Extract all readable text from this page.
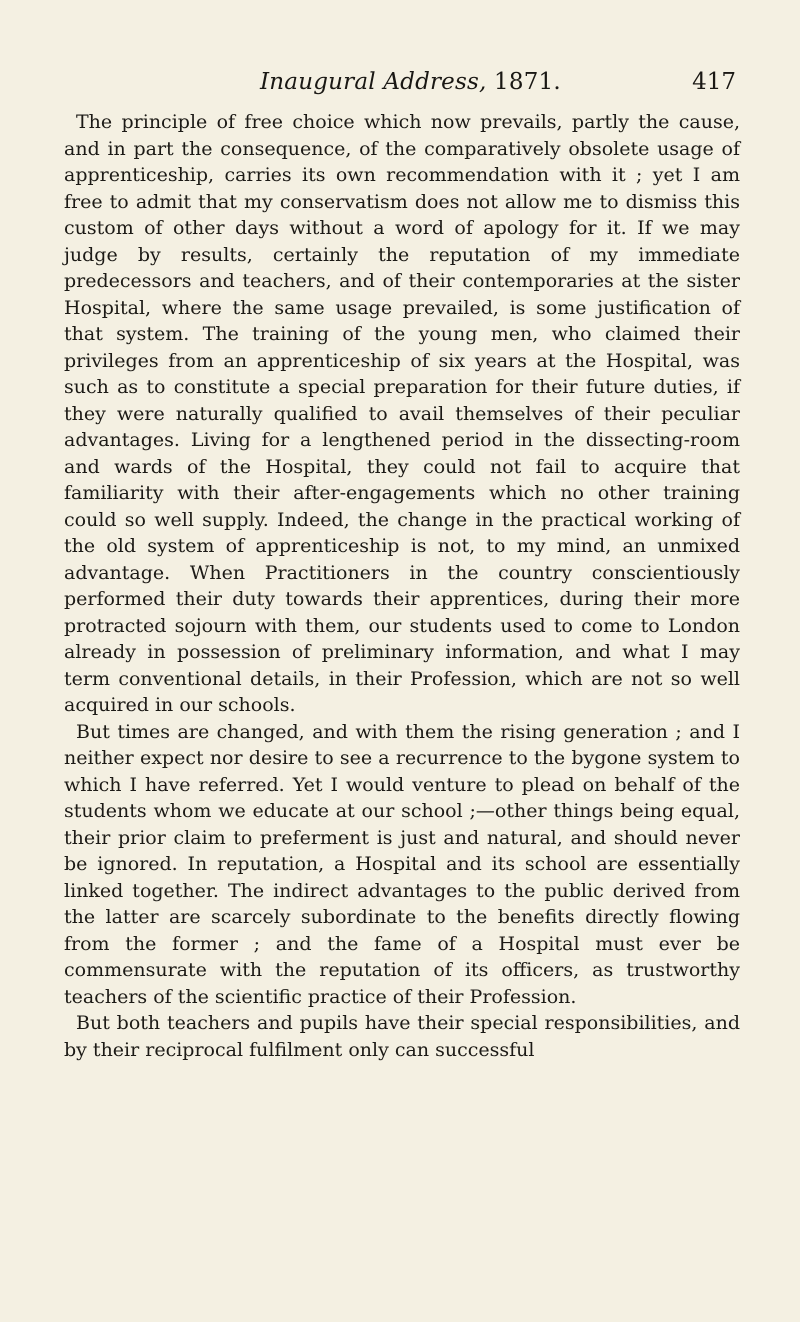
Inaugural Address, 1871.	417

The principle of free choice which now prevails, partly the cause, and in part the consequence, of the comparatively obsolete usage of apprenticeship, carries its own recommendation with it ; yet I am free to admit that my conservatism does not allow me to dismiss this custom of other days without a word of apology for it. If we may judge by results, certainly the reputation of my immediate predecessors and teachers, and of their contemporaries at the sister Hospital, where the same usage prevailed, is some justification of that system. The training of the young men, who claimed their privileges from an apprenticeship of six years at the Hospital, was such as to constitute a special preparation for their future duties, if they were naturally qualified to avail themselves of their peculiar advantages. Living for a lengthened period in the dissecting-room and wards of the Hospital, they could not fail to acquire that familiarity with their after-engagements which no other training could so well supply. Indeed, the change in the practical working of the old system of apprenticeship is not, to my mind, an unmixed advantage. When Practitioners in the country conscientiously performed their duty towards their apprentices, during their more protracted sojourn with them, our students used to come to London already in possession of preliminary information, and what I may term conventional details, in their Profession, which are not so well acquired in our schools.

But times are changed, and with them the rising generation ; and I neither expect nor desire to see a recurrence to the bygone system to which I have referred. Yet I would venture to plead on behalf of the students whom we educate at our school ;—other things being equal, their prior claim to preferment is just and natural, and should never be ignored. In reputation, a Hospital and its school are essentially linked together. The indirect advantages to the public derived from the latter are scarcely subordinate to the benefits directly flowing from the former ; and the fame of a Hospital must ever be commensurate with the reputation of its officers, as trustworthy teachers of the scientific practice of their Profession.

But both teachers and pupils have their special responsibilities, and by their reciprocal fulfilment only can successful
